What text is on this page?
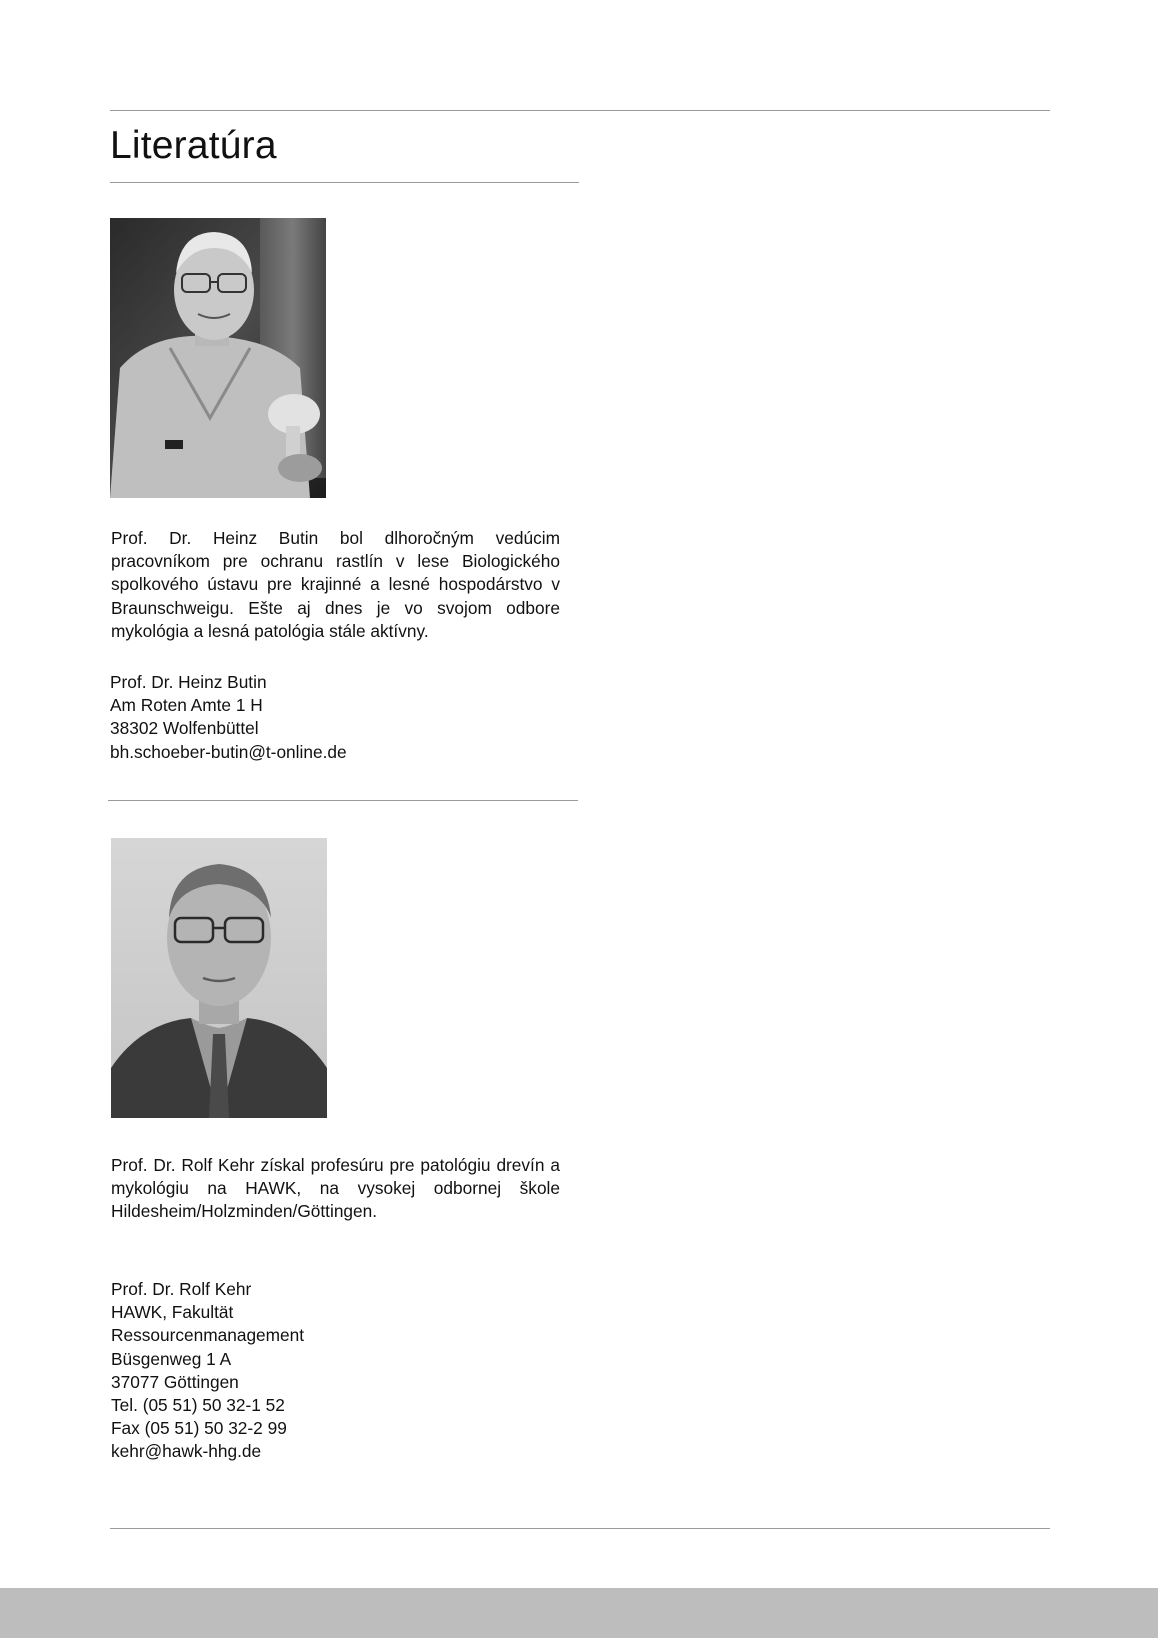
Literatúra

Prof. Dr. Heinz Butin bol dlhoročným vedúcim pracovníkom pre ochranu rastlín v lese Biologického spolkového ústavu pre krajinné a lesné hospodárstvo v Braunschweigu. Ešte aj dnes je vo svojom odbore mykológia a lesná patológia stále aktívny.

Prof. Dr. Heinz Butin
Am Roten Amte 1 H
38302 Wolfenbüttel
bh.schoeber-butin@t-online.de

Prof. Dr. Rolf Kehr získal profesúru pre patológiu drevín a mykológiu na HAWK, na vysokej odbornej škole Hildesheim/Holzminden/Göttingen.

Prof. Dr. Rolf Kehr
HAWK, Fakultät
Ressourcenmanagement
Büsgenweg 1 A
37077 Göttingen
Tel. (05 51) 50 32-1 52
Fax (05 51) 50 32-2 99
kehr@hawk-hhg.de
